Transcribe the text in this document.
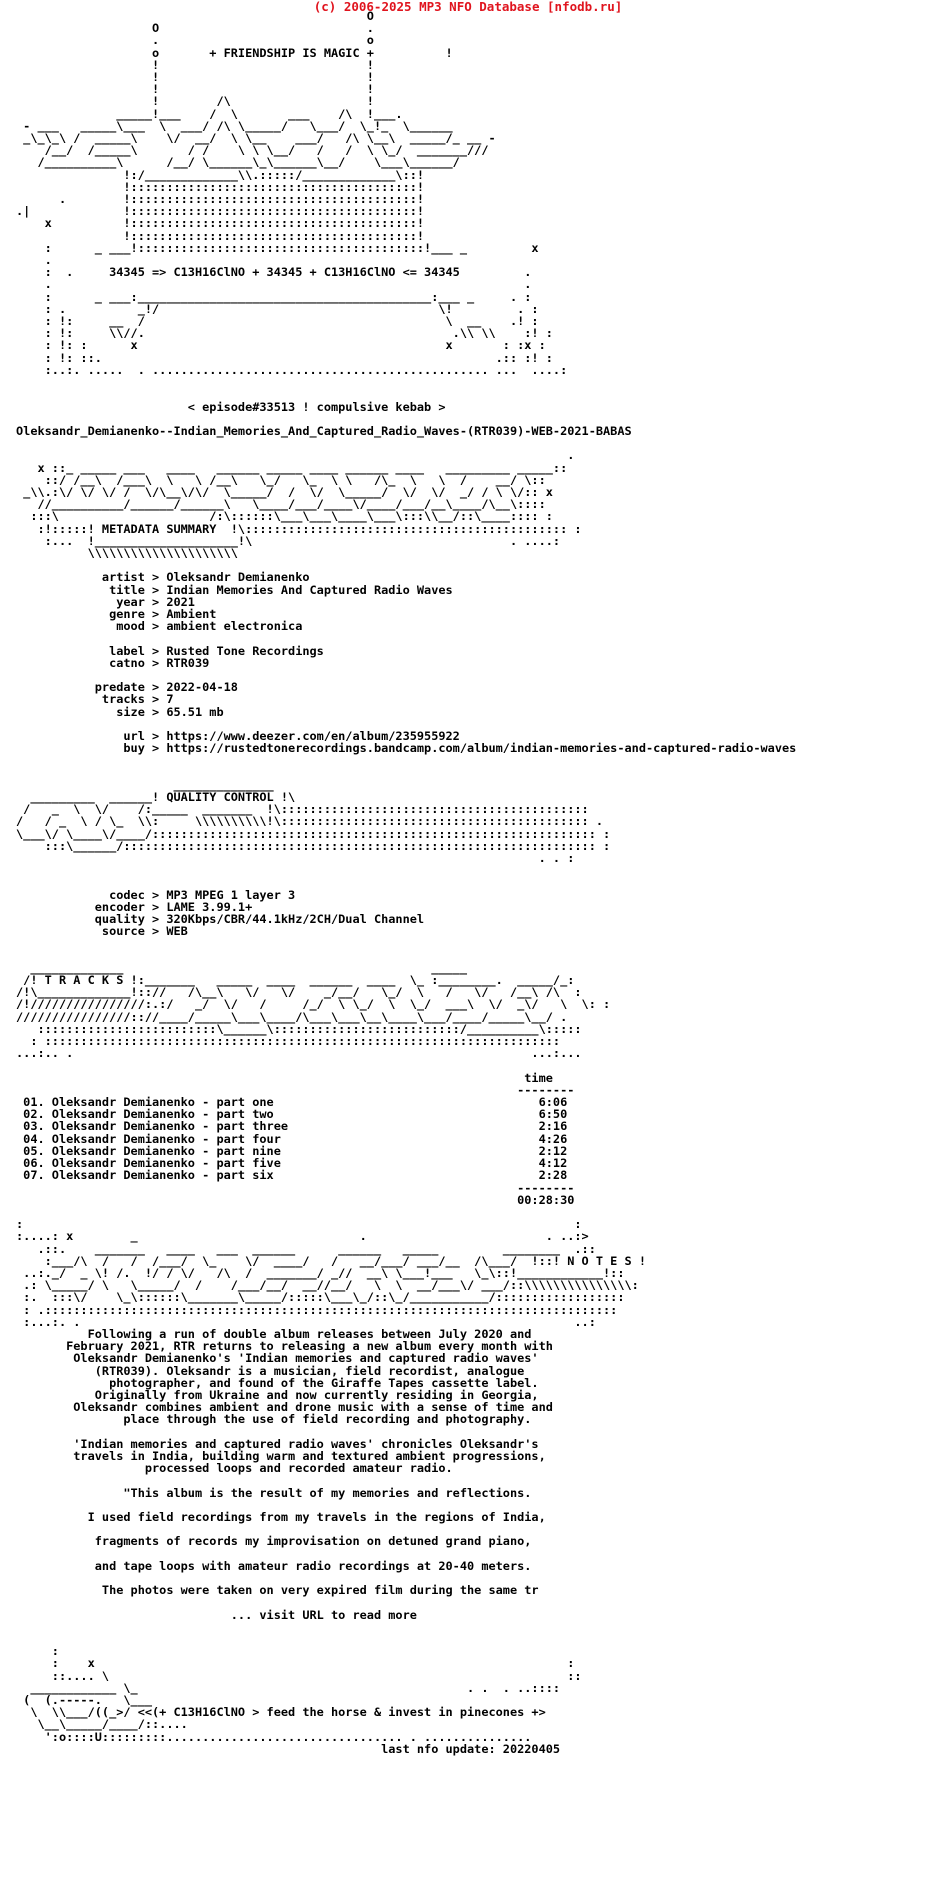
(c) 2006-2025 MP3 NFO Database [nfodb.ru]
O
O                             .
.                             o
o       + FRIENDSHIP IS MAGIC +          !
!                             !
!                             !
!                             !
!        /\                   !
_____!___    /  \       ___    /\  !___.
- ___   _____\___  \  ___/ /\ \_____/   \___/  \_!_  \______
_\_\_\ /  _____\    \/  __/  \ \__    ___/   /\ \__\  _____/_ __ -
/__/  /_____\       / /    \ \ \__/   /   /  \ \_/  _______///
/__________\      /__/ \______\_\______\__/    \___\______/
!:/_____________\\.:::::/_____________\::!
!::::::::::::::::::::::::::::::::::::::::!
.        !::::::::::::::::::::::::::::::::::::::::!
.|             !::::::::::::::::::::::::::::::::::::::::!
x          !::::::::::::::::::::::::::::::::::::::::!
!::::::::::::::::::::::::::::::::::::::::!
:      _ ___!::::::::::::::::::::::::::::::::::::::::!___ _         x
.
:  .     34345 => C13H16ClNO + 34345 + C13H16ClNO <= 34345         .
.                                                                  .
:      _ ___:_________________________________________:___ _     . :
: .          _!/                                       \!         . :
: !:     __  /                                          \  __    .! :
: !:     \\//.                                           .\\ \\    :! :
: !: :      x                                           x       : :x :
: !: ::.                                                       .:: :! :
:..:. .....  . ............................................... ...  ....:

< episode#33513 ! compulsive kebab >

Oleksandr_Demianenko--Indian_Memories_And_Captured_Radio_Waves-(RTR039)-WEB-2021-BABAS

.
x ::_ _____ ___   ____   ______ _____ ____ ______ ____   _________ _____::
::/ /__\  /___\  \   \ /__\   \_/   \_  \ \   /\_  \   \  /    __/ \::
_\\.:\/ \/ \/ /  \/\__\/\/  \_____/  /  \/  \_____/  \/  \/  _/ / \ \/:: x
//__________/______/______\   \____/___/____\/____/___/__\____/\__\::::
:::\                     /:\::::::\___\___\____\___\:::\\__/::\____:::: :
:!:::::! METADATA SUMMARY  !\::::::::::::::::::::::::::::::::::::::::::::: :
:...  !____________________!\                                    . ....:
\\\\\\\\\\\\\\\\\\\\\

artist > Oleksandr Demianenko
title > Indian Memories And Captured Radio Waves
year > 2021
genre > Ambient
mood > ambient electronica

label > Rusted Tone Recordings
catno > RTR039

predate > 2022-04-18
tracks > 7
size > 65.51 mb

url > https://www.deezer.com/en/album/235955922
buy > https://rustedtonerecordings.bandcamp.com/album/indian-memories-and-captured-radio-waves

______________
_________  ______! QUALITY CONTROL !\
/   _  \  \/    /:_____  _______  !\:::::::::::::::::::::::::::::::::::::::::::
/   / _  \ / \_  \\:     \\\\\\\\\\!\::::::::::::::::::::::::::::::::::::::::::: .
\___\/ \____\/____/:::::::::::::::::::::::::::::::::::::::::::::::::::::::::::::: :
:::\______/:::::::::::::::::::::::::::::::::::::::::::::::::::::::::::::::::: :
. . :

codec > MP3 MPEG 1 layer 3
encoder > LAME 3.99.1+
quality > 320Kbps/CBR/44.1kHz/2CH/Dual Channel
source > WEB

_____________                                           _____
/! T R A C K S !:_______   _____  ____  ______  ____  \_ :________.  _____/_:
/!\_____________!:://   /\__\   \/   \/    _/__/   \_/  \   /   \/   /__\ /\  :
/!////////////////:.:/   _/  \/   /     /_/  \ \_/  \  \_/  ___\  \/  _\/   \  \: :
////////////////:://____/_____\___\____/\___\___\__\____\___/____/_____\__/ .
:::::::::::::::::::::::::\______\::::::::::::::::::::::::::/__________\:::::
: ::::::::::::::::::::::::::::::::::::::::::::::::::::::::::::::::::::::::
...:.. .                                                                ...:...

time
--------
01. Oleksandr Demianenko - part one                                     6:06
02. Oleksandr Demianenko - part two                                     6:50
03. Oleksandr Demianenko - part three                                   2:16
04. Oleksandr Demianenko - part four                                    4:26
05. Oleksandr Demianenko - part nine                                    2:12
06. Oleksandr Demianenko - part five                                    4:12
07. Oleksandr Demianenko - part six                                     2:28
--------
00:28:30

:                                                                             :
:....: x        _                               .                         . ..:>
.::.    _______   ____   ___  ______      ______   _____         ________  .::
:___/\  /   /  /___/  \_    \/  ____/   /   __/___/ ___/__  /\___/  !::! N O T E S !
..:._/  _ \! /.  !/ / \/   /\  /  _______/ _//  __\ \___!___   \_\::!____________!::
.: \_____/ \   \_____/  /    /___/__/  __//__/   \  \  __/___\/ ___/::\\\\\\\\\\\\\\\:
:.  :::\/    \_\::::::\_______\_____/:::::\___\_/::\_/___________/::::::::::::::::::
: .::::::::::::::::::::::::::::::::::::::::::::::::::::::::::::::::::::::::::::::::
:...:. .                                                                     ..:
Following a run of double album releases between July 2020 and
February 2021, RTR returns to releasing a new album every month with
Oleksandr Demianenko's 'Indian memories and captured radio waves'
(RTR039). Oleksandr is a musician, field recordist, analogue
photographer, and found of the Giraffe Tapes cassette label.
Originally from Ukraine and now currently residing in Georgia,
Oleksandr combines ambient and drone music with a sense of time and
place through the use of field recording and photography.

'Indian memories and captured radio waves' chronicles Oleksandr's
travels in India, building warm and textured ambient progressions,
processed loops and recorded amateur radio.

"This album is the result of my memories and reflections.

I used field recordings from my travels in the regions of India,

fragments of records my improvisation on detuned grand piano,

and tape loops with amateur radio recordings at 20-40 meters.

The photos were taken on very expired film during the same tr

... visit URL to read more

:
:    x                                                                  :
::.... \                                                                ::
____________ \_                                              . .  . ..::::
(  (.-----.   \___
\  \\___/((_>/ <<(+ C13H16ClNO > feed the horse & invest in pinecones +>
\__\_____/____/::....
':o::::U:::::::::................................. . ...............
last nfo update: 20220405
